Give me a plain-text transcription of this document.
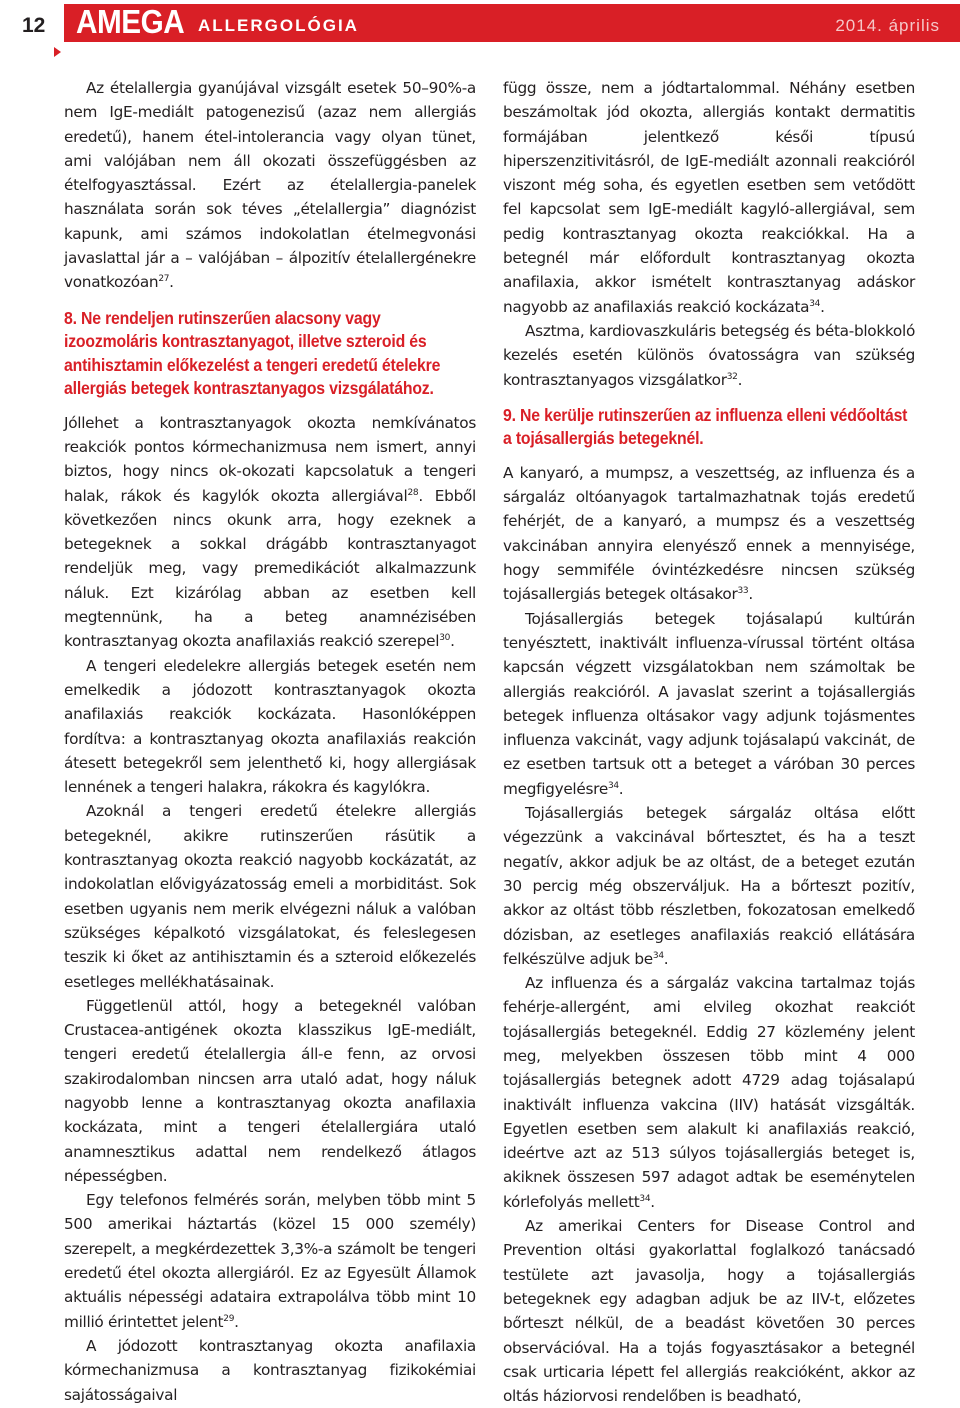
12 AMEGA ALLERGOLÓGIA	2014. április

Az ételallergia gyanújával vizsgált esetek 50–90%-a nem IgE-mediált patogenezisű (azaz nem allergiás eredetű), hanem étel-intolerancia vagy olyan tünet, ami valójában nem áll okozati összefüggésben az ételfogyasztással. Ezért az ételallergia-panelek használata során sok téves „ételallergia” diagnózist kapunk, ami számos indokolatlan ételmegvonási javaslattal jár a – valójában – álpozitív ételallergénekre vonatkozóan$^{27}$.

8. Ne rendeljen rutinszerűen alacsony vagy izoozmoláris kontrasztanyagot, illetve szteroid és antihisztamin előkezelést a tengeri eredetű ételekre allergiás betegek kontrasztanyagos vizsgálatához.

Jóllehet a kontrasztanyagok okozta nemkívánatos reakciók pontos kórmechanizmusa nem ismert, annyi biztos, hogy nincs ok-okozati kapcsolatuk a tengeri halak, rákok és kagylók okozta allergiával$^{28}$. Ebből következően nincs okunk arra, hogy ezeknek a betegeknek a sokkal drágább kontrasztanyagot rendeljük meg, vagy premedikációt alkalmazzunk náluk. Ezt kizárólag abban az esetben kell megtennünk, ha a beteg anamnézisében kontrasztanyag okozta anafilaxiás reakció szerepel$^{30}$.

A tengeri eledelekre allergiás betegek esetén nem emelkedik a jódozott kontrasztanyagok okozta anafilaxiás reakciók kockázata. Hasonlóképpen fordítva: a kontrasztanyag okozta anafilaxiás reakción átesett betegekről sem jelenthető ki, hogy allergiásak lennének a tengeri halakra, rákokra és kagylókra.

Azoknál a tengeri eredetű ételekre allergiás betegeknél, akikre rutinszerűen rásütik a kontrasztanyag okozta reakció nagyobb kockázatát, az indokolatlan elővigyázatosság emeli a morbiditást. Sok esetben ugyanis nem merik elvégezni náluk a valóban szükséges képalkotó vizsgálatokat, és feleslegesen teszik ki őket az antihisztamin és a szteroid előkezelés esetleges mellékhatásainak.

Függetlenül attól, hogy a betegeknél valóban Crustacea-antigének okozta klasszikus IgE-mediált, tengeri eredetű ételallergia áll-e fenn, az orvosi szakirodalomban nincsen arra utaló adat, hogy náluk nagyobb lenne a kontrasztanyag okozta anafilaxia kockázata, mint a tengeri ételallergiára utaló anamnesztikus adattal nem rendelkező átlagos népességben.

Egy telefonos felmérés során, melyben több mint 5 500 amerikai háztartás (közel 15 000 személy) szerepelt, a megkérdezettek 3,3%-a számolt be tengeri eredetű étel okozta allergiáról. Ez az Egyesült Államok aktuális népességi adataira extrapolálva több mint 10 millió érintettet jelent$^{29}$.

A jódozott kontrasztanyag okozta anafilaxia kórmechanizmusa a kontrasztanyag fizikokémiai sajátosságaival

függ össze, nem a jódtartalommal. Néhány esetben beszámoltak jód okozta, allergiás kontakt dermatitis formájában jelentkező késői típusú hiperszenzitivitásról, de IgE-mediált azonnali reakcióról viszont még soha, és egyetlen esetben sem vetődött fel kapcsolat sem IgE-mediált kagyló-allergiával, sem pedig kontrasztanyag okozta reakciókkal. Ha a betegnél már előfordult kontrasztanyag okozta anafilaxia, akkor ismételt kontrasztanyag adáskor nagyobb az anafilaxiás reakció kockázata$^{34}$.

Asztma, kardiovaszkuláris betegség és béta-blokkoló kezelés esetén különös óvatosságra van szükség kontrasztanyagos vizsgálatkor$^{32}$.

9. Ne kerülje rutinszerűen az influenza elleni védőoltást a tojásallergiás betegeknél.

A kanyaró, a mumpsz, a veszettség, az influenza és a sárgaláz oltóanyagok tartalmazhatnak tojás eredetű fehérjét, de a kanyaró, a mumpsz és a veszettség vakcinában annyira elenyésző ennek a mennyisége, hogy semmiféle óvintézkedésre nincsen szükség tojásallergiás betegek oltásakor$^{33}$.

Tojásallergiás betegek tojásalapú kultúrán tenyésztett, inaktivált influenza-vírussal történt oltása kapcsán végzett vizsgálatokban nem számoltak be allergiás reakcióról. A javaslat szerint a tojásallergiás betegek influenza oltásakor vagy adjunk tojásmentes influenza vakcinát, vagy adjunk tojásalapú vakcinát, de ez esetben tartsuk ott a beteget a váróban 30 perces megfigyelésre$^{34}$.

Tojásallergiás betegek sárgaláz oltása előtt végezzünk a vakcinával bőrtesztet, és ha a teszt negatív, akkor adjuk be az oltást, de a beteget ezután 30 percig még obszerváljuk. Ha a bőrteszt pozitív, akkor az oltást több részletben, fokozatosan emelkedő dózisban, az esetleges anafilaxiás reakció ellátására felkészülve adjuk $be^{34}$.

Az influenza és a sárgaláz vakcina tartalmaz tojás fehérje-allergént, ami elvileg okozhat reakciót tojásallergiás betegeknél. Eddig 27 közlemény jelent meg, melyekben összesen több mint 4 000 tojásallergiás betegnek adott 4729 adag tojásalapú inaktivált influenza vakcina (IIV) hatását vizsgálták. Egyetlen esetben sem alakult ki anafilaxiás reakció, ideértve azt az 513 súlyos tojásallergiás beteget is, akiknek összesen 597 adagot adtak be eseménytelen kórlefolyás mellett$^{34}$.

Az amerikai Centers for Disease Control and Prevention oltási gyakorlattal foglalkozó tanácsadó testülete azt javasolja, hogy a tojásallergiás betegeknek egy adagban adjuk be az IIV-t, előzetes bőrteszt nélkül, de a beadást követően 30 perces observációval. Ha a tojás fogyasztásakor a betegnél csak urticaria lépett fel allergiás reakcióként, akkor az oltás háziorvosi rendelőben is beadható,
